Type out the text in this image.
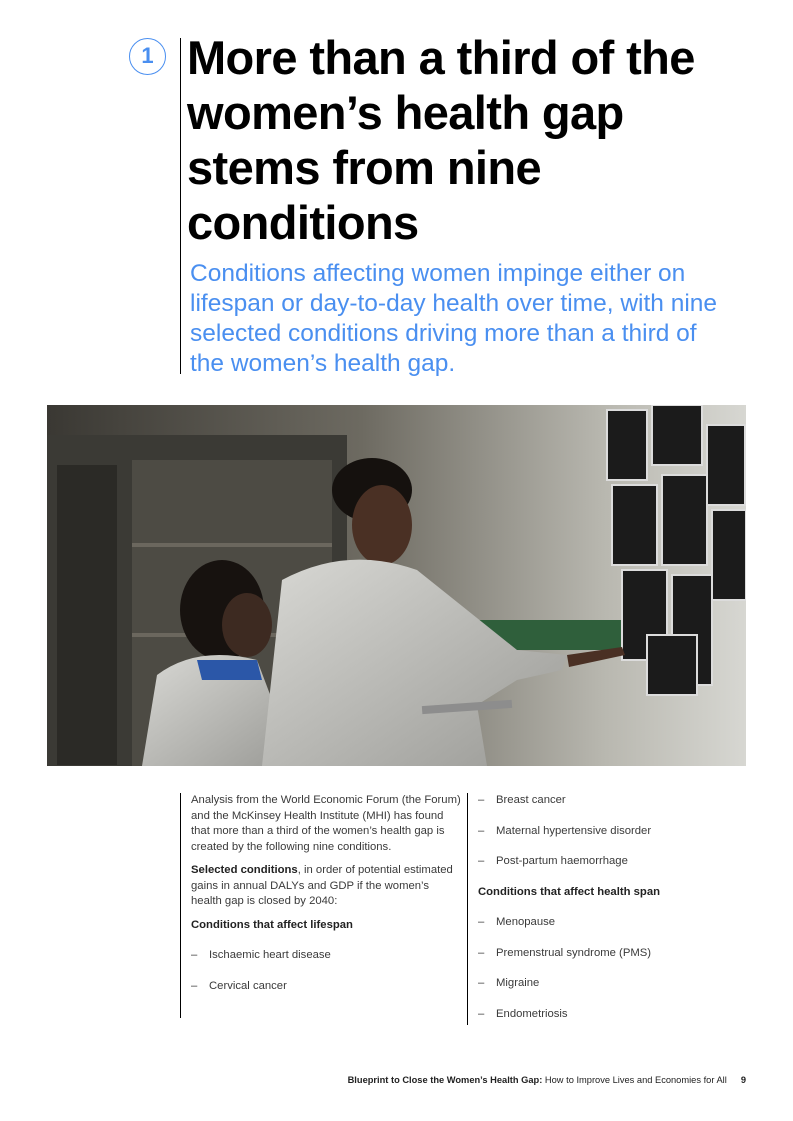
1 More than a third of the women’s health gap stems from nine conditions

Conditions affecting women impinge either on lifespan or day-to-day health over time, with nine selected conditions driving more than a third of the women’s health gap.

Analysis from the World Economic Forum (the Forum) and the McKinsey Health Institute (MHI) has found that more than a third of the women’s health gap is created by the following nine conditions.

Selected conditions, in order of potential estimated gains in annual DALYs and GDP if the women’s health gap is closed by 2040:

Conditions that affect lifespan

–	Ischaemic heart disease
–	Cervical cancer
–	Breast cancer
–	Maternal hypertensive disorder
–	Post-partum haemorrhage

Conditions that affect health span

–	Menopause
–	Premenstrual syndrome (PMS)
–	Migraine
–	Endometriosis
Blueprint to Close the Women’s Health Gap: How to Improve Lives and Economies for All 9
